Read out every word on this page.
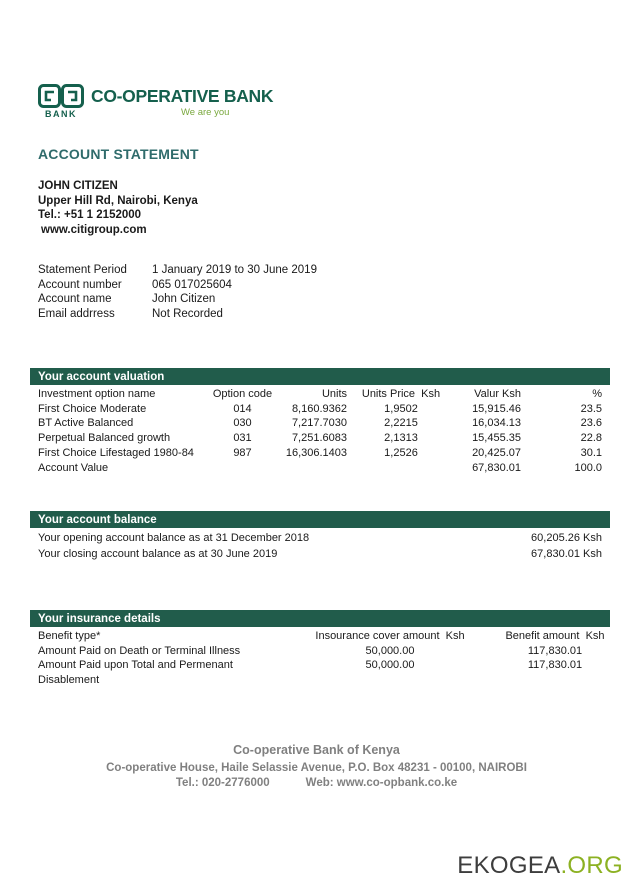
BANK
CO-OPERATIVE BANK
We are you
ACCOUNT STATEMENT
JOHN CITIZEN
Upper Hill Rd, Nairobi, Kenya
Tel.: +51 1 2152000
www.citigroup.com
Statement Period	1 January 2019 to 30 June 2019
Account number	065 017025604
Account name	John Citizen
Email addrress	Not Recorded
Your account valuation
Investment option name	Option code	Units	Units Price  Ksh	Valur Ksh	%
First Choice Moderate	014	8,160.9362	1,9502	15,915.46	23.5
BT Active Balanced	030	7,217.7030	2,2215	16,034.13	23.6
Perpetual Balanced growth	031	7,251.6083	2,1313	15,455.35	22.8
First Choice Lifestaged 1980-84	987	16,306.1403	1,2526	20,425.07	30.1
Account Value				67,830.01	100.0
Your account balance
Your opening account balance as at 31 December 2018	60,205.26 Ksh
Your closing account balance as at 30 June 2019	67,830.01 Ksh
Your insurance details
Benefit type*	Insourance cover amount  Ksh	Benefit amount  Ksh
Amount Paid on Death or Terminal Illness	50,000.00	117,830.01
Amount Paid upon Total and Permenant Disablement	50,000.00	117,830.01
Co-operative Bank of Kenya
Co-operative House, Haile Selassie Avenue, P.O. Box 48231 - 00100, NAIROBI
Tel.: 020-2776000	Web: www.co-opbank.co.ke
EKOGEA.ORG
